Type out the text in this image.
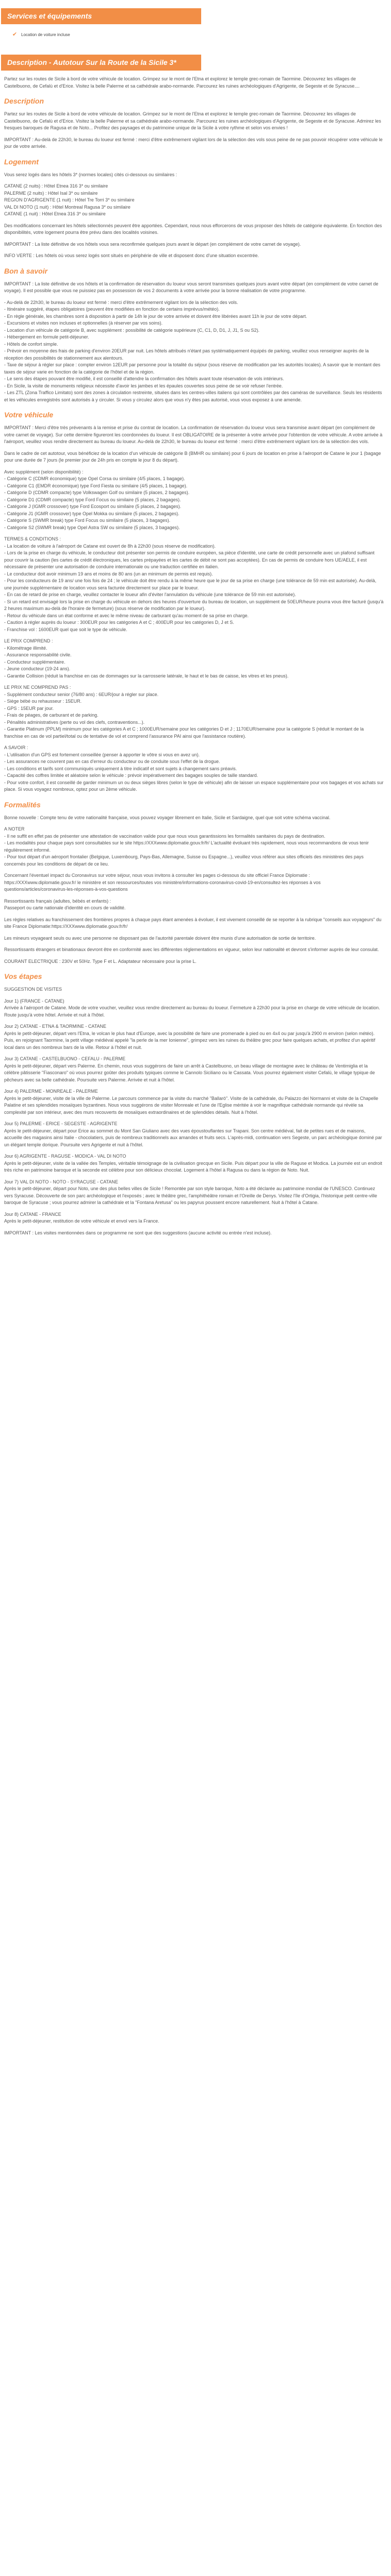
Services et équipements
✔ Location de voiture incluse
Description - Autotour Sur la Route de la Sicile 3*

Partez sur les routes de Sicile à bord de votre véhicule de location. Grimpez sur le mont de l'Etna et explorez le temple grec-romain de Taormine. Découvrez les villages de Castelbuono, de Cefalù et d'Erice. Visitez la belle Palerme et sa cathédrale arabo-normande. Parcourez les ruines archéologiques d'Agrigente, de Segeste et de Syracuse....

Description

Partez sur les routes de Sicile à bord de votre véhicule de location. Grimpez sur le mont de l'Etna et explorez le temple grec-romain de Taormine. Découvrez les villages de Castelbuono, de Cefalù et d'Erice. Visitez la belle Palerme et sa cathédrale arabo-normande. Parcourez les ruines archéologiques d'Agrigente, de Segeste et de Syracuse. Admirez les fresques baroques de Ragusa et de Noto... Profitez des paysages et du patrimoine unique de la Sicile à votre rythme et selon vos envies !

IMPORTANT : Au-delà de 22h30, le bureau du loueur est fermé : merci d'être extrêmement vigilant lors de la sélection des vols sous peine de ne pas pouvoir récupérer votre véhicule le jour de votre arrivée.

Logement

Vous serez logés dans les hôtels 3* (normes locales) cités ci-dessous ou similaires :

CATANE (2 nuits) : Hôtel Etnea 316 3* ou similaire
PALERME (2 nuits) : Hôtel Isal 3* ou similaire
REGION D'AGRIGENTE (1 nuit) : Hôtel Tre Torri 3* ou similaire
VAL DI NOTO (1 nuit) : Hôtel Montreal Ragusa 3* ou similaire
CATANE (1 nuit) : Hôtel Etnea 316 3* ou similaire

Des modifications concernant les hôtels sélectionnés peuvent être apportées. Cependant, nous nous efforcerons de vous proposer des hôtels de catégorie équivalente. En fonction des disponibilités, votre logement pourra être prévu dans des localités voisines.

IMPORTANT : La liste définitive de vos hôtels vous sera reconfirmée quelques jours avant le départ (en complément de votre carnet de voyage).

INFO VERTE : Les hôtels où vous serez logés sont situés en périphérie de ville et disposent donc d'une situation excentrée.

Bon à savoir

IMPORTANT : La liste définitive de vos hôtels et la confirmation de réservation du loueur vous seront transmises quelques jours avant votre départ (en complément de votre carnet de voyage). Il est possible que vous ne puissiez pas en possession de vos 2 documents à votre arrivée pour la bonne réalisation de votre programme.

- Au-delà de 22h30, le bureau du loueur est fermé : merci d'être extrêmement vigilant lors de la sélection des vols.
- Itinéraire suggéré, étapes obligatoires (peuvent être modifiées en fonction de certains imprévus/météo).
- En règle générale, les chambres sont à disposition à partir de 14h le jour de votre arrivée et doivent être libérées avant 11h le jour de votre départ.
- Excursions et visites non incluses et optionnelles (à réserver par vos soins).
- Location d'un véhicule de catégorie B, avec supplément : possibilité de catégorie supérieure (C, C1, D, D1, J, J1, S ou S2).
- Hébergement en formule petit-déjeuner.
- Hôtels de confort simple.
- Prévoir en moyenne des frais de parking d'environ 20EUR par nuit. Les hôtels attribués n'étant pas systématiquement équipés de parking, veuillez vous renseigner auprès de la réception des possibilités de stationnement aux alentours.
- Taxe de séjour à régler sur place : compter environ 12EUR par personne pour la totalité du séjour (sous réserve de modification par les autorités locales). A savoir que le montant des taxes de séjour varie en fonction de la catégorie de l'hôtel et de la région.
- Le sens des étapes pouvant être modifié, il est conseillé d'attendre la confirmation des hôtels avant toute réservation de vols intérieurs.
- En Sicile, la visite de monuments religieux nécessite d'avoir les jambes et les épaules couvertes sous peine de se voir refuser l'entrée.
- Les ZTL (Zona Traffico Limitato) sont des zones à circulation restreinte, situées dans les centres-villes italiens qui sont contrôlées par des caméras de surveillance. Seuls les résidents et les véhicules enregistrés sont autorisés à y circuler. Si vous y circulez alors que vous n'y êtes pas autorisé, vous vous exposez à une amende.

Votre véhicule

IMPORTANT : Merci d'être très prévenants à la remise et prise du contrat de location. La confirmation de réservation du loueur vous sera transmise avant départ (en complément de votre carnet de voyage). Sur cette dernière figureront les coordonnées du loueur. Il est OBLIGATOIRE de la présenter à votre arrivée pour l'obtention de votre véhicule. A votre arrivée à l'aéroport, veuillez vous rendre directement au bureau du loueur. Au-delà de 22h30, le bureau du loueur est fermé : merci d'être extrêmement vigilant lors de la sélection des vols.

Dans le cadre de cet autotour, vous bénéficiez de la location d'un véhicule de catégorie B (BMHR ou similaire) pour 6 jours de location en prise à l'aéroport de Catane le jour 1 (bagage pour une durée de 7 jours (le premier jour de 24h pris en compte le jour 8 du départ).

Avec supplément (selon disponibilité) :
- Catégorie C (CDMR économique) type Opel Corsa ou similaire (4/5 places, 1 bagage).
- Catégorie C1 (EMDR économique) type Ford Fiesta ou similaire (4/5 places, 1 bagage).
- Catégorie D (CDMR compacte) type Volkswagen Golf ou similaire (5 places, 2 bagages).
- Catégorie D1 (CDMR compacte) type Ford Focus ou similaire (5 places, 2 bagages).
- Catégorie J (IGMR crossover) type Ford Ecosport ou similaire (5 places, 2 bagages).
- Catégorie J1 (IGMR crossover) type Opel Mokka ou similaire (5 places, 2 bagages).
- Catégorie S (SWMR break) type Ford Focus ou similaire (5 places, 3 bagages).
- Catégorie S2 (SWMR break) type Opel Astra SW ou similaire (5 places, 3 bagages).

TERMES & CONDITIONS :
- La location de voiture à l'aéroport de Catane est ouvert de 8h à 22h30 (sous réserve de modification).
- Lors de la prise en charge du véhicule, le conducteur doit présenter son permis de conduire européen, sa pièce d'identité, une carte de crédit personnelle avec un plafond suffisant pour couvrir la caution (les cartes de crédit électroniques, les cartes prépayées et les cartes de débit ne sont pas acceptées). En cas de permis de conduire hors UE/AELE, il est nécessaire de présenter une autorisation de conduire internationale ou une traduction certifiée en italien.
- Le conducteur doit avoir minimum 19 ans et moins de 80 ans (un an minimum de permis est requis).
- Pour les conducteurs de 19 ans/ une fois fois de 24 ; le véhicule doit être rendu à la même heure que le jour de sa prise en charge (une tolérance de 59 min est autorisée). Au-delà, une journée supplémentaire de location vous sera facturée directement sur place par le loueur.
- En cas de retard de prise en charge, veuillez contacter le loueur afin d'éviter l'annulation du véhicule (une tolérance de 59 min est autorisée).
- Si un retard est envisagé lors la prise en charge du véhicule en dehors des heures d'ouverture du bureau de location, un supplément de 50EUR/heure pourra vous être facturé (jusqu'à 2 heures maximum au-delà de l'horaire de fermeture) (sous réserve de modification par le loueur).
- Retour du véhicule dans un état conforme et avec le même niveau de carburant qu'au moment de sa prise en charge.
- Caution à régler auprès du loueur : 300EUR pour les catégories A et C ; 400EUR pour les catégories D, J et S.
- Franchise vol : 1600EUR quel que soit le type de véhicule.

LE PRIX COMPREND :
- Kilométrage illimité.
- Assurance responsabilité civile.
- Conducteur supplémentaire.
- Jeune conducteur (19-24 ans).
- Garantie Collision (réduit la franchise en cas de dommages sur la carrosserie latérale, le haut et le bas de caisse, les vitres et les pneus).

LE PRIX NE COMPREND PAS :
- Supplément conducteur senior (76/80 ans) : 6EUR/jour à régler sur place.
- Siège bébé ou rehausseur : 15EUR.
- GPS : 15EUR par jour.
- Frais de péages, de carburant et de parking.
- Pénalités administratives (perte ou vol des clefs, contraventions...).
- Garantie Platinum (PPLM) minimum pour les catégories A et C ; 1000EUR/semaine pour les catégories D et J ; 1170EUR/semaine pour la catégorie S (réduit le montant de la franchise en cas de vol partiel/total ou de tentative de vol et comprend l'assurance PAI ainsi que l'assistance routière).

A SAVOIR :
- L'utilisation d'un GPS est fortement conseillée (penser à apporter le vôtre si vous en avez un).
- Les assurances ne couvrent pas en cas d'erreur du conducteur ou de conduite sous l'effet de la drogue.
- Les conditions et tarifs sont communiqués uniquement à titre indicatif et sont sujets à changement sans préavis.
- Capacité des coffres limitée et aléatoire selon le véhicule : prévoir impérativement des bagages souples de taille standard.
- Pour votre confort, il est conseillé de garder minimum un ou deux sièges libres (selon le type de véhicule) afin de laisser un espace supplémentaire pour vos bagages et vos achats sur place. Si vous voyagez nombreux, optez pour un 2ème véhicule.

Formalités

Bonne nouvelle : Compte tenu de votre nationalité française, vous pouvez voyager librement en Italie, Sicile et Sardaigne, quel que soit votre schéma vaccinal.

A NOTER
- Il ne suffit en effet pas de présenter une attestation de vaccination valide pour que nous vous garantissions les formalités sanitaires du pays de destination.
- Les modalités pour chaque pays sont consultables sur le site https://XXXwww.diplomatie.gouv.fr/fr/ L'actualité évoluant très rapidement, nous vous recommandons de vous tenir régulièrement informé.
- Pour tout départ d'un aéroport frontalier (Belgique, Luxembourg, Pays-Bas, Allemagne, Suisse ou Espagne...), veuillez vous référer aux sites officiels des ministères des pays concernés pour les conditions de départ de ce lieu.

Concernant l'éventuel impact du Coronavirus sur votre séjour, nous vous invitons à consulter les pages ci-dessous du site officiel France Diplomatie :
https://XXXwww.diplomatie.gouv.fr/ le ministère et son ressources/toutes vos ministère/informations-coronavirus-covid-19-en/consultez-les réponses à vos questions/articles/coronavirus-les-réponses-à-vos-questions

Ressortissants français (adultes, bébés et enfants) :
Passeport ou carte nationale d'identité en cours de validité.

Les règles relatives au franchissement des frontières propres à chaque pays étant amenées à évoluer, il est vivement conseillé de se reporter à la rubrique "conseils aux voyageurs" du site France Diplomatie:https://XXXwww.diplomatie.gouv.fr/fr/

Les mineurs voyageant seuls ou avec une personne ne disposant pas de l'autorité parentale doivent être munis d'une autorisation de sortie de territoire.

Ressortissants étrangers et binationaux devront être en conformité avec les différentes réglementations en vigueur, selon leur nationalité et devront s'informer auprès de leur consulat.

COURANT ELECTRIQUE : 230V et 50Hz. Type F et L. Adaptateur nécessaire pour la prise L.

Vos étapes

SUGGESTION DE VISITES

Jour 1) (FRANCE - CATANE)
Arrivée à l'aéroport de Catane. Mode de votre voucher, veuillez vous rendre directement au bureau du loueur. Fermeture à 22h30 pour la prise en charge de votre véhicule de location. Route jusqu'à votre hôtel. Arrivée et nuit à l'hôtel.

Jour 2) CATANE - ETNA & TAORMINE - CATANE
Après le petit-déjeuner, départ vers l'Etna, le volcan le plus haut d'Europe, avec la possibilité de faire une promenade à pied ou en 4x4 ou par jusqu'à 2900 m environ (selon météo). Puis, en rejoignant Taormine, la petit village médiéval appelé "la perle de la mer Ionienne", grimpez vers les ruines du théâtre grec pour faire quelques achats, et profitez d'un apéritif local dans un des nombreux bars de la ville. Retour à l'hôtel et nuit.

Jour 3) CATANE - CASTELBUONO - CEFALU - PALERME
Après le petit-déjeuner, départ vers Palerme. En chemin, nous vous suggérons de faire un arrêt à Castelbuono, un beau village de montagne avec le château de Ventimiglia et la célèbre pâtisserie "Fiasconaro" où vous pourrez goûter des produits typiques comme le Cannolo Siciliano ou le Cassata. Vous pourrez également visiter Cefalù, le village typique de pêcheurs avec sa belle cathédrale. Poursuite vers Palerme. Arrivée et nuit à l'hôtel.

Jour 4) PALERME - MONREALE - PALERME
Après le petit-déjeuner, visite de la ville de Palerme. Le parcours commence par la visite du marché "Ballarò". Visite de la cathédrale, du Palazzo dei Normanni et visite de la Chapelle Palatine et ses splendides mosaïques byzantines. Nous vous suggérons de visiter Monreale et l'une de l'Eglise méritée à voir le magnifique cathédrale normande qui révèle sa complexité par son intérieur, avec des murs recouverts de mosaïques extraordinaires et de splendides détails. Nuit à l'hôtel.

Jour 5) PALERME - ERICE - SEGESTE - AGRIGENTE
Après le petit-déjeuner, départ pour Erice au sommet du Mont San Giuliano avec des vues époustouflantes sur Trapani. Son centre médiéval, fait de petites rues et de maisons, accueille des magasins ainsi Italie - chocolatiers, puis de nombreux traditionnels aux amandes et fruits secs. L'après-midi, continuation vers Segeste, un parc archéologique dominé par un élégant temple dorique. Poursuite vers Agrigente et nuit à l'hôtel.

Jour 6) AGRIGENTE - RAGUSE - MODICA - VAL DI NOTO
Après le petit-déjeuner, visite de la vallée des Temples, véritable témoignage de la civilisation grecque en Sicile. Puis départ pour la ville de Raguse et Modica. La journée est un endroit très riche en patrimoine baroque et la seconde est célèbre pour son délicieux chocolat. Logement à l'hôtel à Ragusa ou dans la région de Noto. Nuit.

Jour 7) VAL DI NOTO - NOTO - SYRACUSE - CATANE
Après le petit-déjeuner, départ pour Noto, une des plus belles villes de Sicile ! Remontée par son style baroque, Noto a été déclarée au patrimoine mondial de l'UNESCO. Continuez vers Syracuse. Découverte de son parc archéologique et l'exposés ; avec le théâtre grec, l'amphithéâtre romain et l'Oreille de Denys. Visitez l'île d'Ortigia, l'historique petit centre-ville baroque de Syracuse ; vous pourrez admirer la cathédrale et la "Fontana Aretusa" ou les papyrus poussent encore naturellement. Nuit à l'hôtel à Catane.

Jour 8) CATANE - FRANCE
Après le petit-déjeuner, restitution de votre véhicule et envol vers la France.

IMPORTANT : Les visites mentionnées dans ce programme ne sont que des suggestions (aucune activité ou entrée n'est incluse).
